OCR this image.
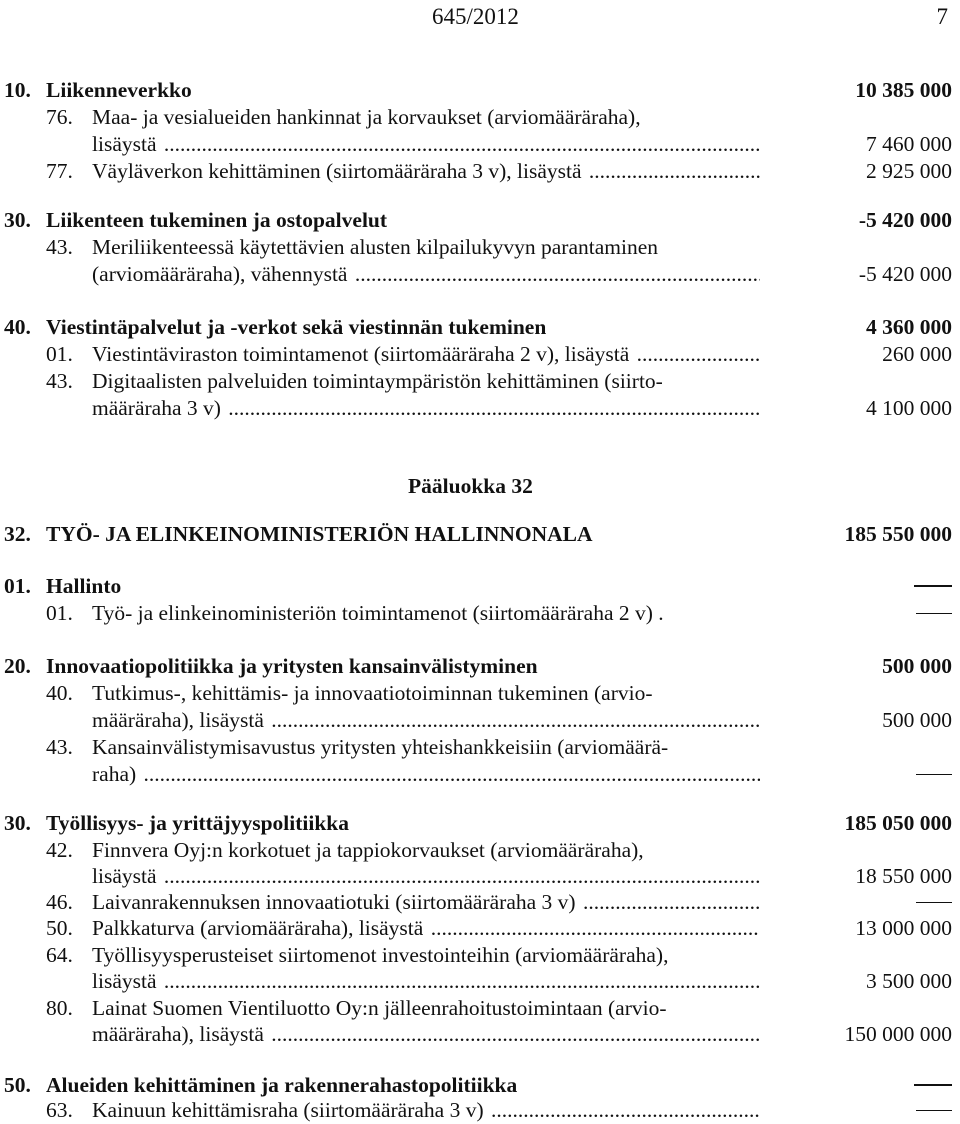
645/2012	7
10. Liikenneverkko	10 385 000
76. Maa- ja vesialueiden hankinnat ja korvaukset (arviomääräraha),
lisäystä .....	7 460 000
77. Väyläverkon kehittäminen (siirtomääräraha 3 v), lisäystä .....	2 925 000
30. Liikenteen tukeminen ja ostopalvelut	-5 420 000
43. Meriliikenteessä käytettävien alusten kilpailukyvyn parantaminen
(arviomääräraha), vähennystä .....	-5 420 000
40. Viestintäpalvelut ja -verkot sekä viestinnän tukeminen	4 360 000
01. Viestintäviraston toimintamenot (siirtomääräraha 2 v), lisäystä .....	260 000
43. Digitaalisten palveluiden toimintaympäristön kehittäminen (siirto-
määräraha 3 v) .....	4 100 000
Pääluokka 32
32. TYÖ- JA ELINKEINOMINISTERIÖN HALLINNONALA	185 550 000
01. Hallinto
01. Työ- ja elinkeinoministeriön toimintamenot (siirtomääräraha 2 v) .
20. Innovaatiopolitiikka ja yritysten kansainvälistyminen	500 000
40. Tutkimus-, kehittämis- ja innovaatiotoiminnan tukeminen (arvio-
määräraha), lisäystä .....	500 000
43. Kansainvälistymisavustus yritysten yhteishankkeisiin (arviomäärä-
raha) .....
30. Työllisyys- ja yrittäjyyspolitiikka	185 050 000
42. Finnvera Oyj:n korkotuet ja tappiokorvaukset (arviomääräraha),
lisäystä .....	18 550 000
46. Laivanrakennuksen innovaatiotuki (siirtomääräraha 3 v) .....
50. Palkkaturva (arviomääräraha), lisäystä .....	13 000 000
64. Työllisyysperusteiset siirtomenot investointeihin (arviomääräraha),
lisäystä .....	3 500 000
80. Lainat Suomen Vientiluotto Oy:n jälleenrahoitustoimintaan (arvio-
määräraha), lisäystä .....	150 000 000
50. Alueiden kehittäminen ja rakennerahastopolitiikka
63. Kainuun kehittämisraha (siirtomääräraha 3 v) .....
